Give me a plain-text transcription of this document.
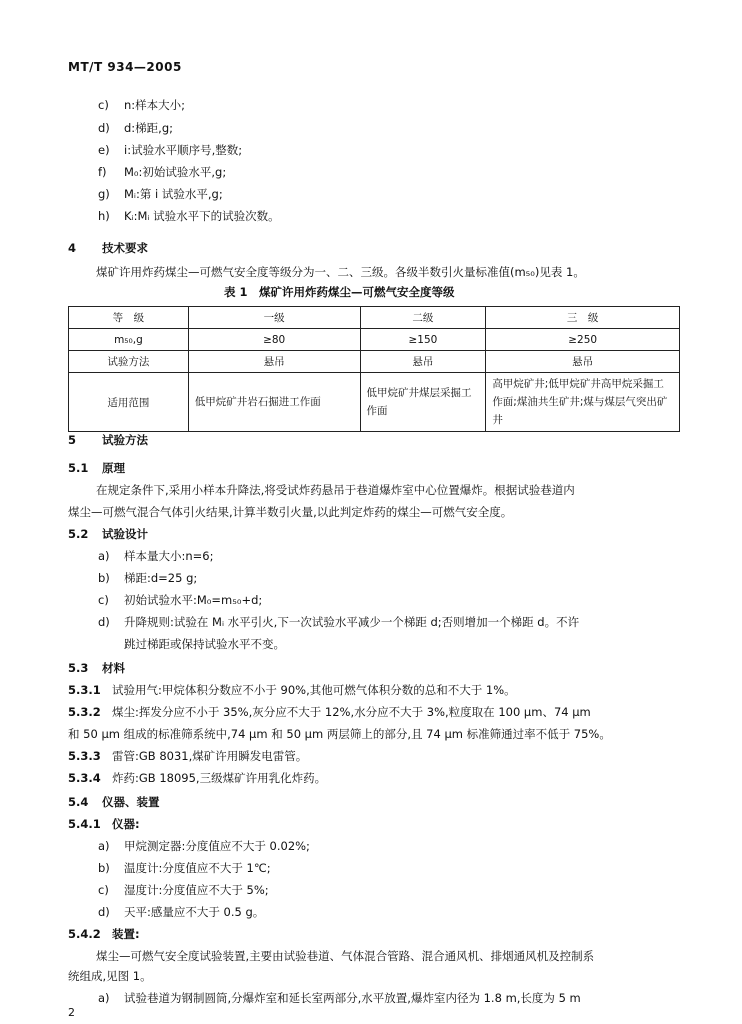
MT/T 934—2005
c) n:样本大小;
d) d:梯距,g;
e) i:试验水平顺序号,整数;
f) M₀:初始试验水平,g;
g) Mᵢ:第 i 试验水平,g;
h) Kᵢ:Mᵢ 试验水平下的试验次数。
4 技术要求
煤矿许用炸药煤尘—可燃气安全度等级分为一、二、三级。各级半数引火量标准值(m₅₀)见表 1。
表 1　煤矿许用炸药煤尘—可燃气安全度等级
等　级	一级	二级	三　级
m₅₀,g	≥80	≥150	≥250
试验方法	悬吊	悬吊	悬吊
适用范围	低甲烷矿井岩石掘进工作面	低甲烷矿井煤层采掘工作面	高甲烷矿井;低甲烷矿井高甲烷采掘工作面;煤油共生矿井;煤与煤层气突出矿井
5 试验方法
5.1 原理
在规定条件下,采用小样本升降法,将受试炸药悬吊于巷道爆炸室中心位置爆炸。根据试验巷道内
煤尘—可燃气混合气体引火结果,计算半数引火量,以此判定炸药的煤尘—可燃气安全度。
5.2 试验设计
a) 样本量大小:n=6;
b) 梯距:d=25 g;
c) 初始试验水平:M₀=m₅₀+d;
d) 升降规则:试验在 Mᵢ 水平引火,下一次试验水平减少一个梯距 d;否则增加一个梯距 d。不许
跳过梯距或保持试验水平不变。
5.3 材料
5.3.1 试验用气:甲烷体积分数应不小于 90%,其他可燃气体积分数的总和不大于 1%。
5.3.2 煤尘:挥发分应不小于 35%,灰分应不大于 12%,水分应不大于 3%,粒度取在 100 μm、74 μm
和 50 μm 组成的标准筛系统中,74 μm 和 50 μm 两层筛上的部分,且 74 μm 标准筛通过率不低于 75%。
5.3.3 雷管:GB 8031,煤矿许用瞬发电雷管。
5.3.4 炸药:GB 18095,三级煤矿许用乳化炸药。
5.4 仪器、装置
5.4.1 仪器:
a) 甲烷测定器:分度值应不大于 0.02%;
b) 温度计:分度值应不大于 1℃;
c) 湿度计:分度值应不大于 5%;
d) 天平:感量应不大于 0.5 g。
5.4.2 装置:
煤尘—可燃气安全度试验装置,主要由试验巷道、气体混合管路、混合通风机、排烟通风机及控制系
统组成,见图 1。
a) 试验巷道为钢制圆筒,分爆炸室和延长室两部分,水平放置,爆炸室内径为 1.8 m,长度为 5 m
2
